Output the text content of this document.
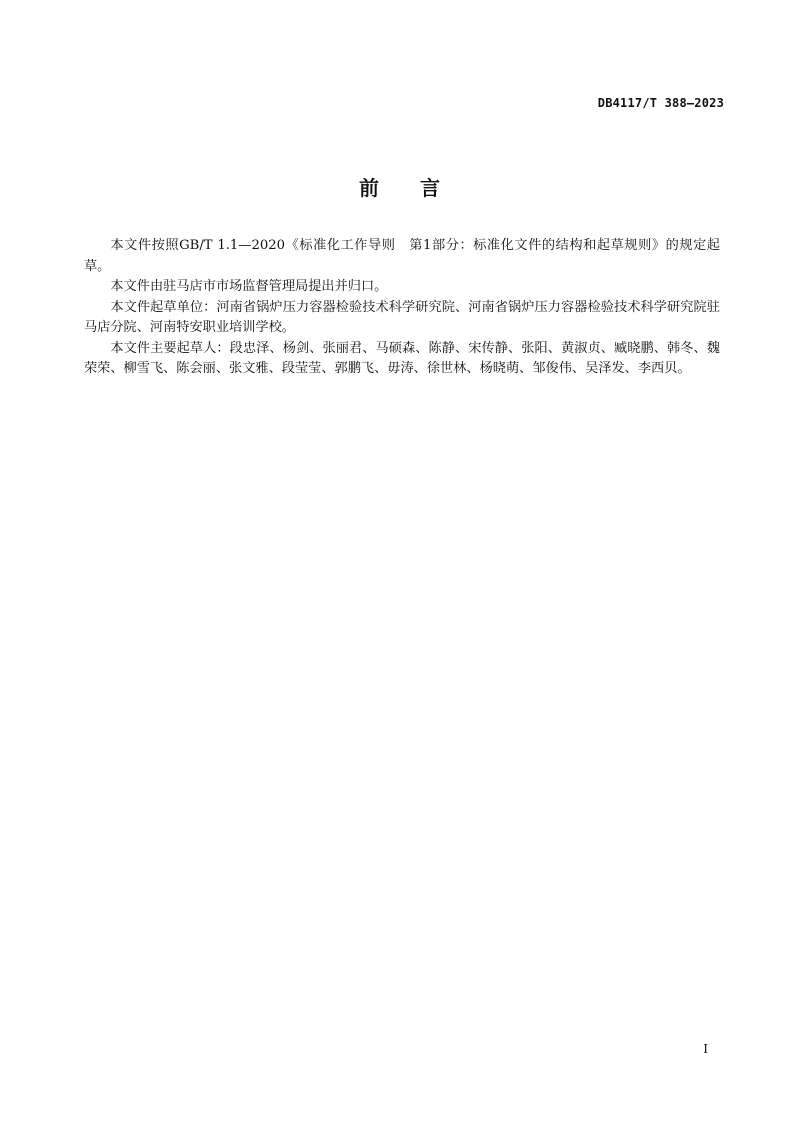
DB4117/T 388—2023
前 言

本文件按照GB/T 1.1—2020《标准化工作导则　第1部分：标准化文件的结构和起草规则》的规定起草。

本文件由驻马店市市场监督管理局提出并归口。

本文件起草单位：河南省锅炉压力容器检验技术科学研究院、河南省锅炉压力容器检验技术科学研究院驻马店分院、河南特安职业培训学校。

本文件主要起草人：段忠泽、杨剑、张丽君、马硕森、陈静、宋传静、张阳、黄淑贞、臧晓鹏、韩冬、魏荣荣、柳雪飞、陈会丽、张文雅、段莹莹、郭鹏飞、毋涛、徐世林、杨晓萌、邹俊伟、吴泽发、李西贝。

I
